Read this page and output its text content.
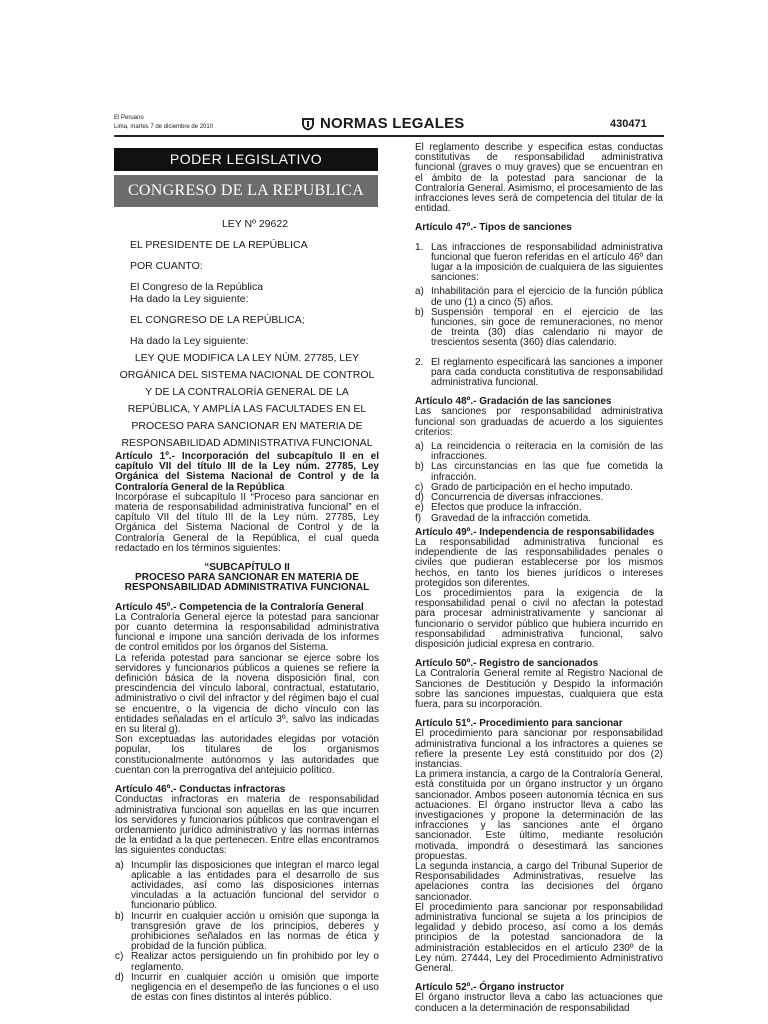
El Peruano
Lima, martes 7 de diciembre de 2010	NORMAS LEGALES	430471
PODER LEGISLATIVO
CONGRESO DE LA REPUBLICA

LEY Nº 29622

EL PRESIDENTE DE LA REPÚBLICA

POR CUANTO:

El Congreso de la República

Ha dado la Ley siguiente:

EL CONGRESO DE LA REPÚBLICA;

Ha dado la Ley siguiente:

LEY QUE MODIFICA LA LEY NÚM. 27785, LEY ORGÁNICA DEL SISTEMA NACIONAL DE CONTROL Y DE LA CONTRALORÍA GENERAL DE LA REPÚBLICA, Y AMPLÍA LAS FACULTADES EN EL PROCESO PARA SANCIONAR EN MATERIA DE RESPONSABILIDAD ADMINISTRATIVA FUNCIONAL

Artículo 1º.- Incorporación del subcapítulo II en el capítulo VII del título III de la Ley núm. 27785, Ley Orgánica del Sistema Nacional de Control y de la Contraloría General de la República

Incorpórase el subcapítulo II “Proceso para sancionar en materia de responsabilidad administrativa funcional” en el capítulo VII del título III de la Ley núm. 27785, Ley Orgánica del Sistema Nacional de Control y de la Contraloría General de la República, el cual queda redactado en los términos siguientes:

“SUBCAPÍTULO II

PROCESO PARA SANCIONAR EN MATERIA DE RESPONSABILIDAD ADMINISTRATIVA FUNCIONAL

Artículo 45º.- Competencia de la Contraloría General

La Contraloría General ejerce la potestad para sancionar por cuanto determina la responsabilidad administrativa funcional e impone una sanción derivada de los informes de control emitidos por los órganos del Sistema.

La referida potestad para sancionar se ejerce sobre los servidores y funcionarios públicos a quienes se refiere la definición básica de la novena disposición final, con prescindencia del vínculo laboral, contractual, estatutario, administrativo o civil del infractor y del régimen bajo el cual se encuentre, o la vigencia de dicho vínculo con las entidades señaladas en el artículo 3º, salvo las indicadas en su literal g).

Son exceptuadas las autoridades elegidas por votación popular, los titulares de los organismos constitucionalmente autónomos y las autoridades que cuentan con la prerrogativa del antejuicio político.

Artículo 46º.- Conductas infractoras

Conductas infractoras en materia de responsabilidad administrativa funcional son aquellas en las que incurren los servidores y funcionarios públicos que contravengan el ordenamiento jurídico administrativo y las normas internas de la entidad a la que pertenecen. Entre ellas encontramos las siguientes conductas:

a) Incumplir las disposiciones que integran el marco legal aplicable a las entidades para el desarrollo de sus actividades, así como las disposiciones internas vinculadas a la actuación funcional del servidor o funcionario público.
b) Incurrir en cualquier acción u omisión que suponga la transgresión grave de los principios, deberes y prohibiciones señalados en las normas de ética y probidad de la función pública.
c) Realizar actos persiguiendo un fin prohibido por ley o reglamento.
d) Incurrir en cualquier acción u omisión que importe negligencia en el desempeño de las funciones o el uso de estas con fines distintos al interés público.

El reglamento describe y especifica estas conductas constitutivas de responsabilidad administrativa funcional (graves o muy graves) que se encuentran en el ámbito de la potestad para sancionar de la Contraloría General. Asimismo, el procesamiento de las infracciones leves será de competencia del titular de la entidad.

Artículo 47º.- Tipos de sanciones

1. Las infracciones de responsabilidad administrativa funcional que fueron referidas en el artículo 46º dan lugar a la imposición de cualquiera de las siguientes sanciones:
a) Inhabilitación para el ejercicio de la función pública de uno (1) a cinco (5) años.
b) Suspensión temporal en el ejercicio de las funciones, sin goce de remuneraciones, no menor de treinta (30) días calendario ni mayor de trescientos sesenta (360) días calendario.
2. El reglamento especificará las sanciones a imponer para cada conducta constitutiva de responsabilidad administrativa funcional.

Artículo 48º.- Gradación de las sanciones

Las sanciones por responsabilidad administrativa funcional son graduadas de acuerdo a los siguientes criterios:

a) La reincidencia o reiteracia en la comisión de las infracciones.
b) Las circunstancias en las que fue cometida la infracción.
c) Grado de participación en el hecho imputado.
d) Concurrencia de diversas infracciones.
e) Efectos que produce la infracción.
f) Gravedad de la infracción cometida.

Artículo 49º.- Independencia de responsabilidades

La responsabilidad administrativa funcional es independiente de las responsabilidades penales o civiles que pudieran establecerse por los mismos hechos, en tanto los bienes jurídicos o intereses protegidos son diferentes.

Los procedimientos para la exigencia de la responsabilidad penal o civil no afectan la potestad para procesar administrativamente y sancionar al funcionario o servidor público que hubiera incurrido en responsabilidad administrativa funcional, salvo disposición judicial expresa en contrario.

Artículo 50º.- Registro de sancionados

La Contraloría General remite al Registro Nacional de Sanciones de Destitución y Despido la información sobre las sanciones impuestas, cualquiera que esta fuera, para su incorporación.

Artículo 51º.- Procedimiento para sancionar

El procedimiento para sancionar por responsabilidad administrativa funcional a los infractores a quienes se refiere la presente Ley está constituido por dos (2) instancias.

La primera instancia, a cargo de la Contraloría General, está constituida por un órgano instructor y un órgano sancionador. Ambos poseen autonomía técnica en sus actuaciones. El órgano instructor lleva a cabo las investigaciones y propone la determinación de las infracciones y las sanciones ante el órgano sancionador. Este último, mediante resolución motivada, impondrá o desestimará las sanciones propuestas.

La segunda instancia, a cargo del Tribunal Superior de Responsabilidades Administrativas, resuelve las apelaciones contra las decisiones del órgano sancionador.

El procedimiento para sancionar por responsabilidad administrativa funcional se sujeta a los principios de legalidad y debido proceso, así como a los demás principios de la potestad sancionadora de la administración establecidos en el artículo 230º de la Ley núm. 27444, Ley del Procedimiento Administrativo General.

Artículo 52º.- Órgano instructor

El órgano instructor lleva a cabo las actuaciones que conducen a la determinación de responsabilidad
